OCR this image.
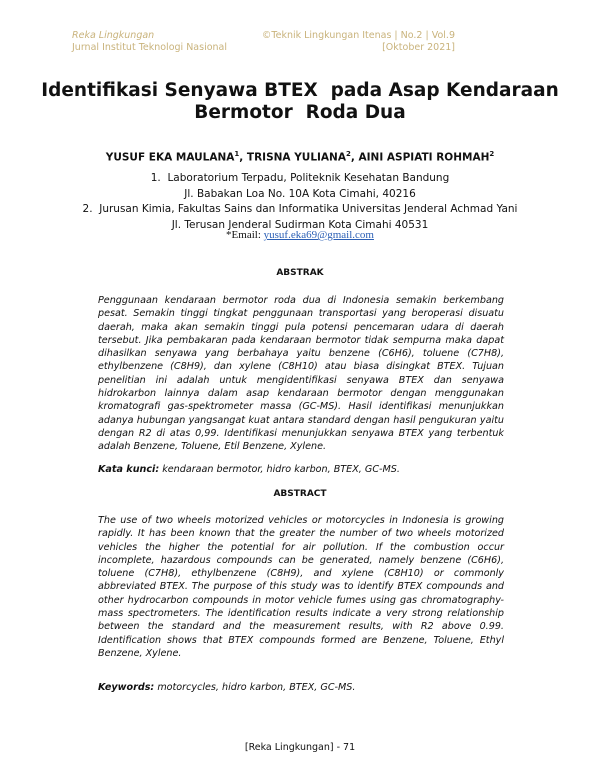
Reka Lingkungan
Jurnal Institut Teknologi Nasional
©Teknik Lingkungan Itenas | No.2 | Vol.9
[Oktober 2021]
Identifikasi Senyawa BTEX  pada Asap Kendaraan
Bermotor  Roda Dua
YUSUF EKA MAULANA$^1$, TRISNA YULIANA$^2$, AINI ASPIATI ROHMAH$^2$
1.  Laboratorium Terpadu, Politeknik Kesehatan Bandung
Jl. Babakan Loa No. 10A Kota Cimahi, 40216
2.  Jurusan Kimia, Fakultas Sains dan Informatika Universitas Jenderal Achmad Yani
Jl. Terusan Jenderal Sudirman Kota Cimahi 40531
*Email: yusuf.eka69@gmail.com
ABSTRAK
Penggunaan kendaraan bermotor roda dua di Indonesia semakin berkembang pesat. Semakin tinggi tingkat penggunaan transportasi yang beroperasi disuatu daerah, maka akan semakin tinggi pula potensi pencemaran udara di daerah tersebut. Jika pembakaran pada kendaraan bermotor tidak sempurna maka dapat dihasilkan senyawa yang berbahaya yaitu benzene (C6H6), toluene (C7H8), ethylbenzene (C8H9), dan xylene (C8H10) atau biasa disingkat BTEX. Tujuan penelitian ini adalah untuk mengidentifikasi senyawa BTEX dan senyawa hidrokarbon lainnya dalam asap kendaraan bermotor dengan menggunakan kromatografi gas-spektrometer massa (GC-MS). Hasil identifikasi menunjukkan adanya hubungan yangsangat kuat antara standard dengan hasil pengukuran yaitu dengan R2 di atas 0,99. Identifikasi menunjukkan senyawa BTEX yang terbentuk adalah Benzene, Toluene, Etil Benzene, Xylene.
Kata kunci: kendaraan bermotor, hidro karbon, BTEX, GC-MS.
ABSTRACT
The use of two wheels motorized vehicles or motorcycles in Indonesia is growing rapidly. It has been known that the greater the number of two wheels motorized vehicles the higher the potential for air pollution. If the combustion occur incomplete, hazardous compounds can be generated, namely benzene (C6H6), toluene (C7H8), ethylbenzene (C8H9), and xylene (C8H10) or commonly abbreviated BTEX. The purpose of this study was to identify BTEX compounds and other hydrocarbon compounds in motor vehicle fumes using gas chromatography-mass spectrometers. The identification results indicate a very strong relationship between the standard and the measurement results, with R2 above 0.99. Identification shows that BTEX compounds formed are Benzene, Toluene, Ethyl Benzene, Xylene.
Keywords: motorcycles, hidro karbon, BTEX, GC-MS.
[Reka Lingkungan] - 71
